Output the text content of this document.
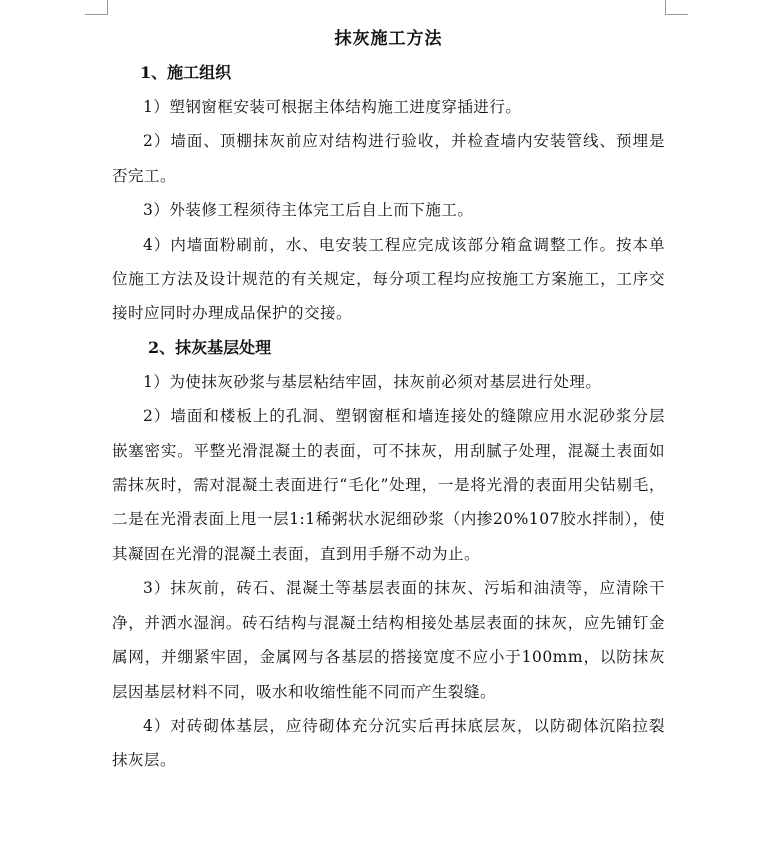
抹灰施工方法
1、施工组织

1）塑钢窗框安装可根据主体结构施工进度穿插进行。

2）墙面、顶棚抹灰前应对结构进行验收，并检查墙内安装管线、预埋是否完工。

3）外装修工程须待主体完工后自上而下施工。

4）内墙面粉刷前，水、电安装工程应完成该部分箱盒调整工作。按本单位施工方法及设计规范的有关规定，每分项工程均应按施工方案施工，工序交接时应同时办理成品保护的交接。

2、抹灰基层处理

1）为使抹灰砂浆与基层粘结牢固，抹灰前必须对基层进行处理。

2）墙面和楼板上的孔洞、塑钢窗框和墙连接处的缝隙应用水泥砂浆分层嵌塞密实。平整光滑混凝土的表面，可不抹灰，用刮腻子处理，混凝土表面如需抹灰时，需对混凝土表面进行“毛化”处理，一是将光滑的表面用尖钻剔毛，二是在光滑表面上甩一层1:1稀粥状水泥细砂浆（内掺20%107胶水拌制），使其凝固在光滑的混凝土表面，直到用手掰不动为止。

3）抹灰前，砖石、混凝土等基层表面的抹灰、污垢和油渍等，应清除干净，并洒水湿润。砖石结构与混凝土结构相接处基层表面的抹灰，应先铺钉金属网，并绷紧牢固，金属网与各基层的搭接宽度不应小于100mm，以防抹灰层因基层材料不同，吸水和收缩性能不同而产生裂缝。

4）对砖砌体基层，应待砌体充分沉实后再抹底层灰，以防砌体沉陷拉裂抹灰层。
